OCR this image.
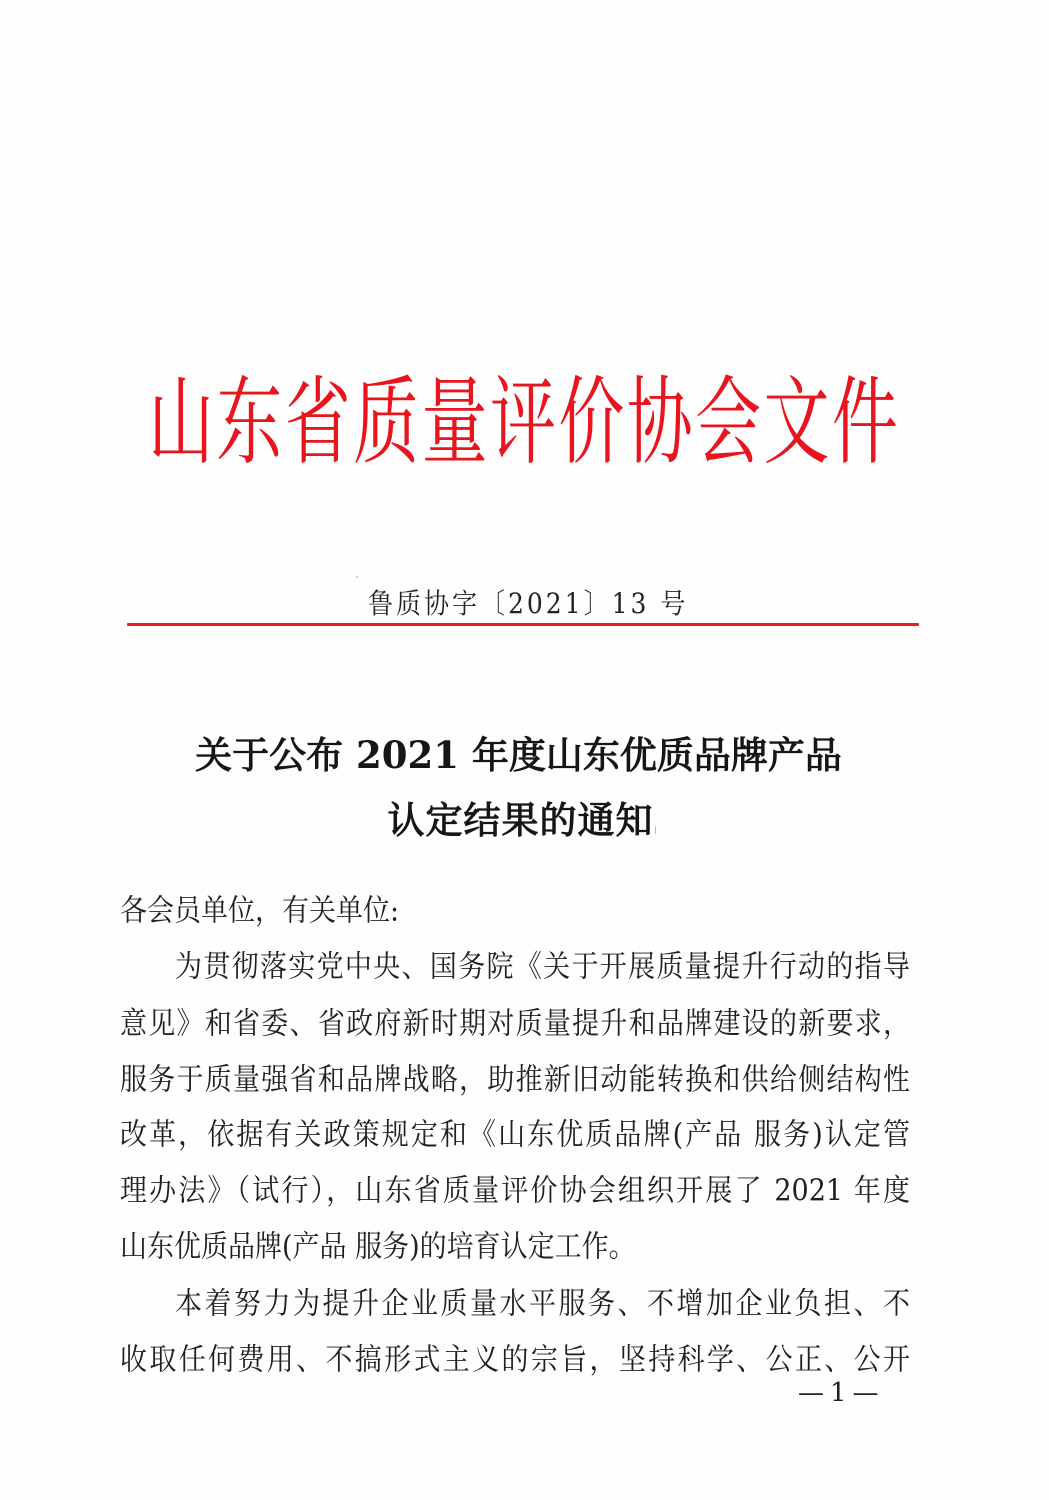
山 东 省 质 量 评 价 协 会 文 件
鲁质协字〔2021〕13 号
关于公布 2021 年度山东优质品牌产品
认定结果的通知
各会员单位，有关单位:
为贯彻落实党中央、国务院《关于开展质量提升行动的指导
意见》和省委、省政府新时期对质量提升和品牌建设的新要求，
服务于质量强省和品牌战略，助推新旧动能转换和供给侧结构性
改革，依据有关政策规定和《山东优质品牌(产品 服务)认定管
理办法》（试行），山东省质量评价协会组织开展了 2021 年度
山东优质品牌(产品 服务)的培育认定工作。
本着努力为提升企业质量水平服务、不增加企业负担、不
收取任何费用、不搞形式主义的宗旨，坚持科学、公正、公开
—1—
